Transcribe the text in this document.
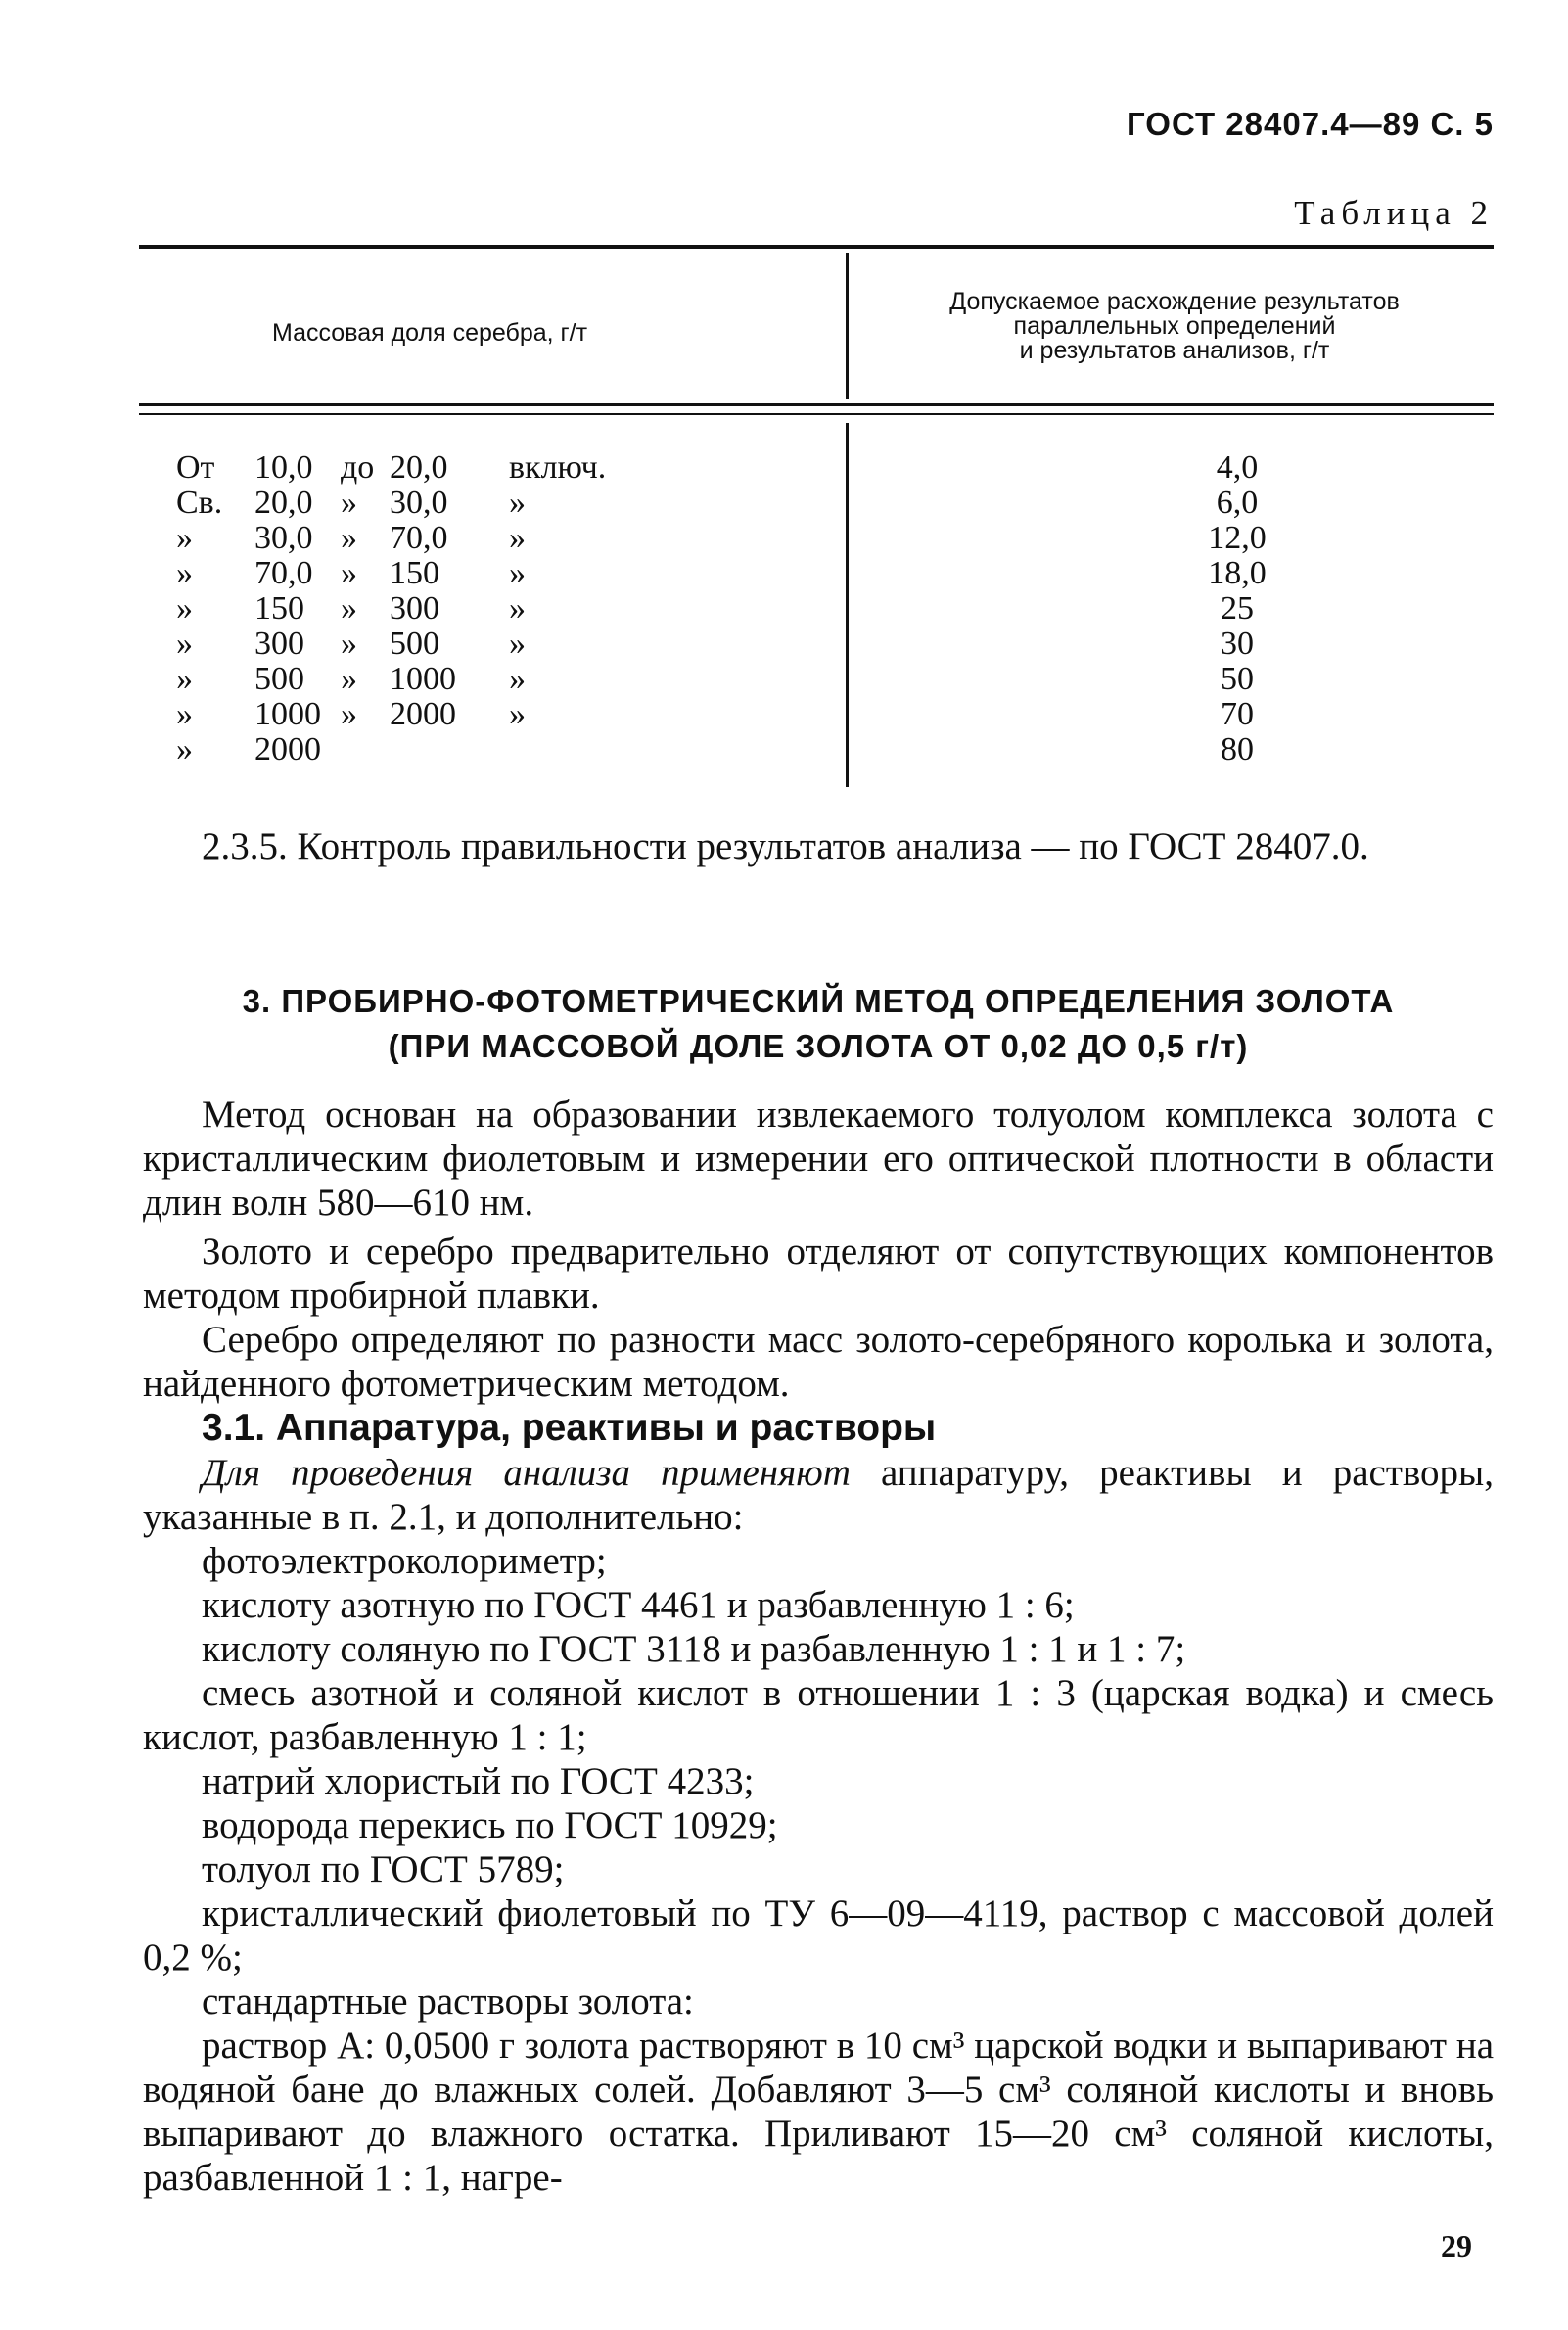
ГОСТ 28407.4—89 С. 5
Таблица 2
Массовая доля серебра, г/т
Допускаемое расхождение результатов
параллельных определений
и результатов анализов, г/т
От 10,0 до 20,0 включ.	4,0
Св. 20,0 » 30,0 »	6,0
» 30,0 » 70,0 »	12,0
» 70,0 » 150 »	18,0
» 150 » 300 »	25
» 300 » 500 »	30
» 500 » 1000 »	50
» 1000 » 2000 »	70
» 2000	80
2.3.5. Контроль правильности результатов анализа — по ГОСТ 28407.0.
3. ПРОБИРНО-ФОТОМЕТРИЧЕСКИЙ МЕТОД ОПРЕДЕЛЕНИЯ ЗОЛОТА
(ПРИ МАССОВОЙ ДОЛЕ ЗОЛОТА ОТ 0,02 ДО 0,5 г/т)
Метод основан на образовании извлекаемого толуолом комплекса золота с кристаллическим фиолетовым и измерении его оптической плотности в области длин волн 580—610 нм.
Золото и серебро предварительно отделяют от сопутствующих компонентов методом пробирной плавки.
Серебро определяют по разности масс золото-серебряного королька и золота, найденного фотометрическим методом.
3.1. Аппаратура, реактивы и растворы
Для проведения анализа применяют аппаратуру, реактивы и растворы, указанные в п. 2.1, и дополнительно:
фотоэлектроколориметр;
кислоту азотную по ГОСТ 4461 и разбавленную 1 : 6;
кислоту соляную по ГОСТ 3118 и разбавленную 1 : 1 и 1 : 7;
смесь азотной и соляной кислот в отношении 1 : 3 (царская водка) и смесь кислот, разбавленную 1 : 1;
натрий хлористый по ГОСТ 4233;
водорода перекись по ГОСТ 10929;
толуол по ГОСТ 5789;
кристаллический фиолетовый по ТУ 6—09—4119, раствор с массовой долей 0,2 %;
стандартные растворы золота:
раствор А: 0,0500 г золота растворяют в 10 см³ царской водки и выпаривают на водяной бане до влажных солей. Добавляют 3—5 см³ соляной кислоты и вновь выпаривают до влажного остатка. Приливают 15—20 см³ соляной кислоты, разбавленной 1 : 1, нагре-
29
